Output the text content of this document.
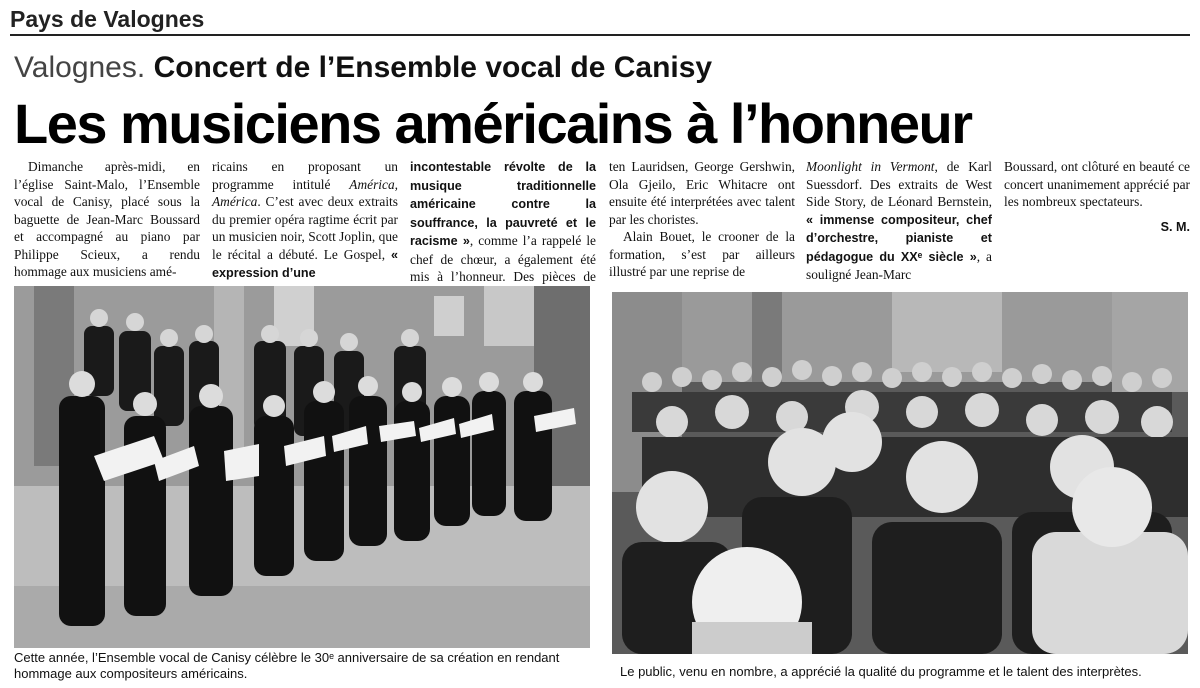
Pays de Valognes
Valognes. Concert de l’Ensemble vocal de Canisy
Les musiciens américains à l’honneur

Dimanche après-midi, en l’église Saint-Malo, l’Ensemble vocal de Canisy, placé sous la baguette de Jean-Marc Boussard et accompagné au piano par Philippe Scieux, a rendu hommage aux musiciens amé-

ricains en proposant un programme intitulé América, América. C’est avec deux extraits du premier opéra ragtime écrit par un musicien noir, Scott Joplin, que le récital a débuté. Le Gospel, « expression d’une

incontestable révolte de la musique traditionnelle américaine contre la souffrance, la pauvreté et le racisme », comme l’a rappelé le chef de chœur, a également été mis à l’honneur. Des pièces de

ten Lauridsen, George Gershwin, Ola Gjeilo, Eric Whitacre ont ensuite été interprétées avec talent par les choristes.

Alain Bouet, le crooner de la formation, s’est par ailleurs illustré par une reprise de

Moonlight in Vermont, de Karl Suessdorf. Des extraits de West Side Story, de Léonard Bernstein, « immense compositeur, chef d’orchestre, pianiste et pédagogue du XXᵉ siècle », a souligné Jean-Marc

Boussard, ont clôturé en beauté ce concert unanimement apprécié par les nombreux spectateurs.

S. M.

Cette année, l’Ensemble vocal de Canisy célèbre le 30ᵉ anniversaire de sa création en rendant hommage aux compositeurs américains.	Le public, venu en nombre, a apprécié la qualité du programme et le talent des interprètes.
